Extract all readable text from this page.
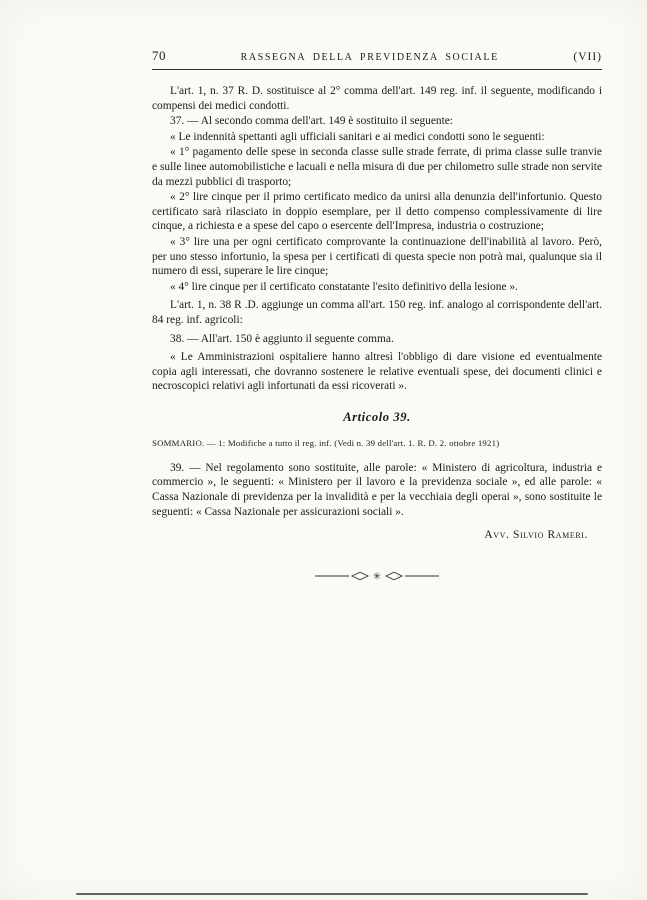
70	RASSEGNA DELLA PREVIDENZA SOCIALE	(VII)

L'art. 1, n. 37 R. D. sostituisce al 2° comma dell'art. 149 reg. inf. il seguente, modificando i compensi dei medici condotti.

37. — Al secondo comma dell'art. 149 è sostituito il seguente:

« Le indennità spettanti agli ufficiali sanitari e ai medici condotti sono le seguenti:

« 1° pagamento delle spese in seconda classe sulle strade ferrate, di prima classe sulle tranvie e sulle linee automobilistiche e lacuali e nella misura di due per chilometro sulle strade non servite da mezzi pubblici di trasporto;

« 2° lire cinque per il primo certificato medico da unirsi alla denunzia dell'infortunio. Questo certificato sarà rilasciato in doppio esemplare, per il detto compenso complessivamente di lire cinque, a richiesta e a spese del capo o esercente dell'Impresa, industria o costruzione;

« 3° lire una per ogni certificato comprovante la continuazione dell'inabilità al lavoro. Però, per uno stesso infortunio, la spesa per i certificati di questa specie non potrà mai, qualunque sia il numero di essi, superare le lire cinque;

« 4° lire cinque per il certificato constatante l'esito definitivo della lesione ».

L'art. 1, n. 38 R .D. aggiunge un comma all'art. 150 reg. inf. analogo al corrispondente dell'art. 84 reg. inf. agricoli:

38. — All'art. 150 è aggiunto il seguente comma.

« Le Amministrazioni ospitaliere hanno altresì l'obbligo di dare visione ed eventualmente copia agli interessati, che dovranno sostenere le relative eventuali spese, dei documenti clinici e necroscopici relativi agli infortunati da essi ricoverati ».

Articolo 39.

SOMMARIO. — 1: Modifiche a tutto il reg. inf. (Vedi n. 39 dell'art. 1. R. D. 2. ottobre 1921)

39. — Nel regolamento sono sostituite, alle parole: « Ministero di agricoltura, industria e commercio », le seguenti: « Ministero per il lavoro e la previdenza sociale », ed alle parole: « Cassa Nazionale di previdenza per la invalidità e per la vecchiaia degli operai », sono sostituite le seguenti: « Cassa Nazionale per assicurazioni sociali ».

Avv. Silvio Rameri.
✳
